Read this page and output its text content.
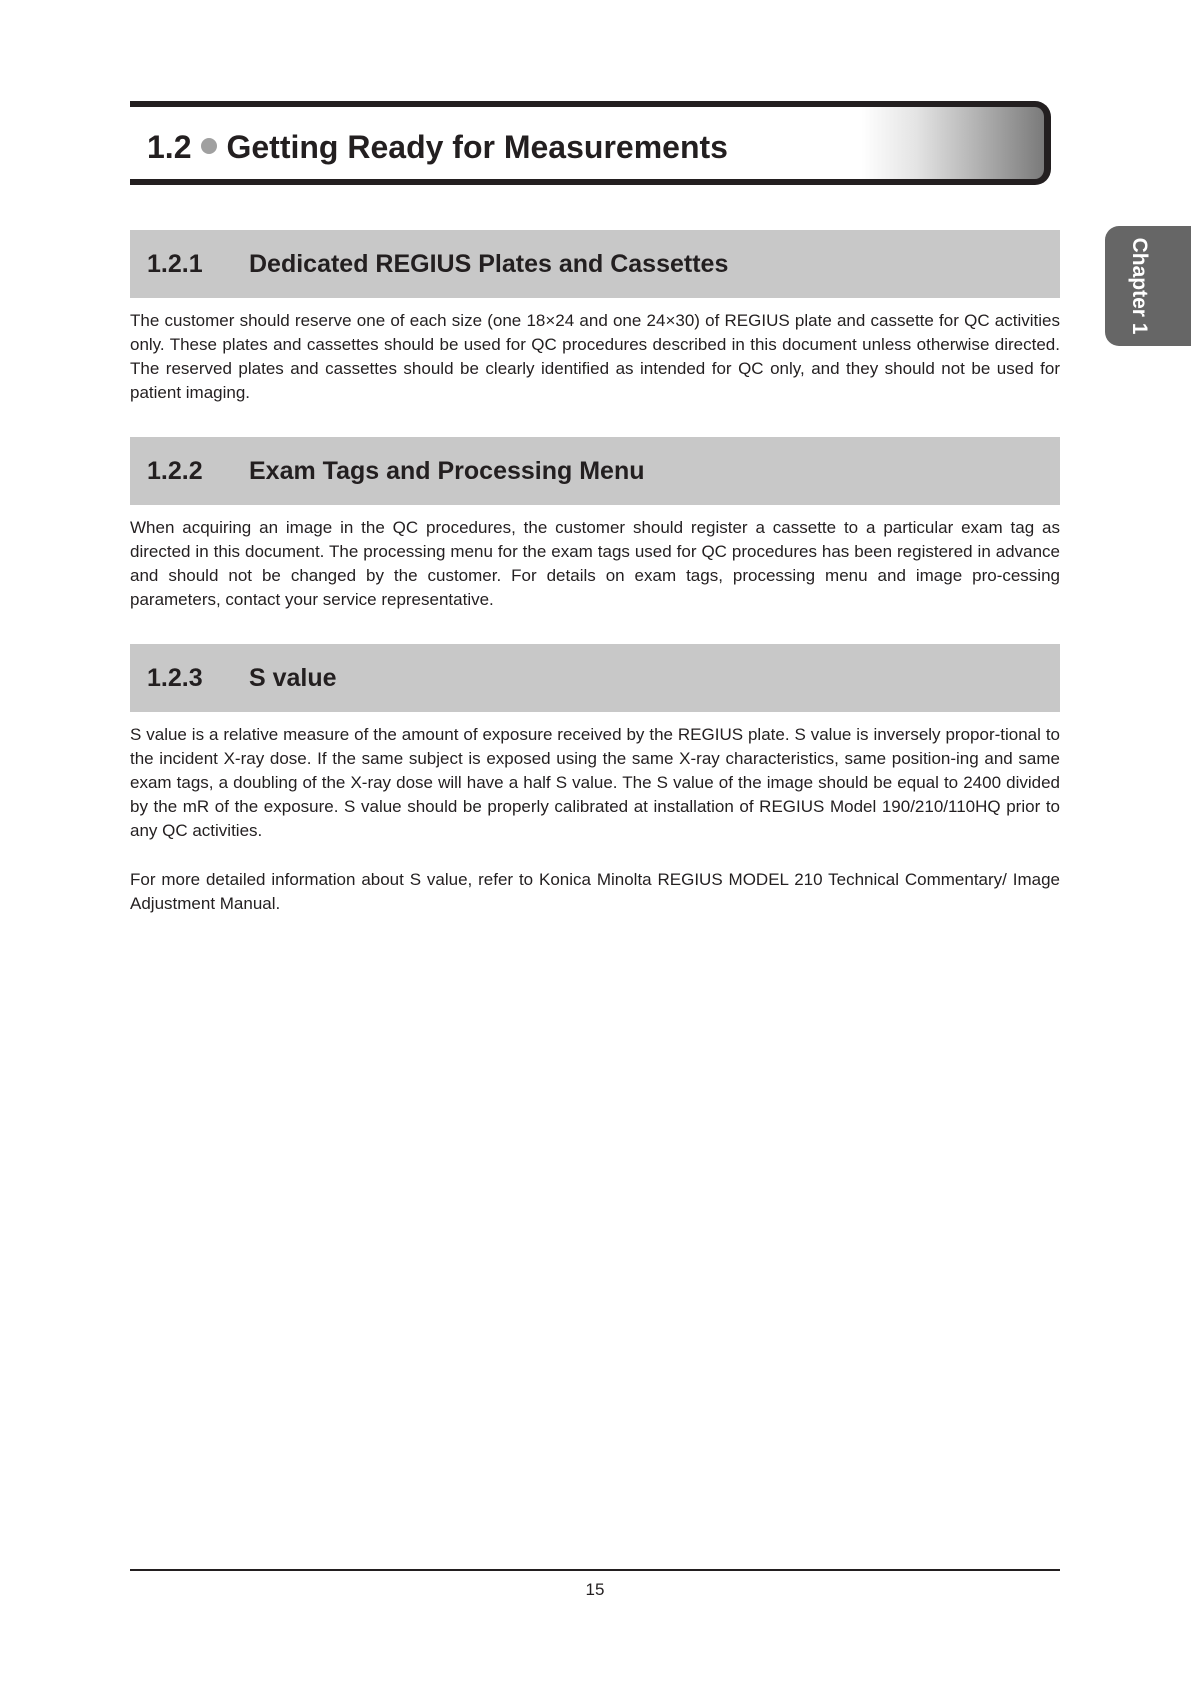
1.2 Getting Ready for Measurements
Chapter 1
1.2.1 Dedicated REGIUS Plates and Cassettes

The customer should reserve one of each size (one 18×24 and one 24×30) of REGIUS plate and cassette for QC activities only. These plates and cassettes should be used for QC procedures described in this document unless otherwise directed. The reserved plates and cassettes should be clearly identified as intended for QC only, and they should not be used for patient imaging.

1.2.2 Exam Tags and Processing Menu

When acquiring an image in the QC procedures, the customer should register a cassette to a particular exam tag as directed in this document. The processing menu for the exam tags used for QC procedures has been registered in advance and should not be changed by the customer. For details on exam tags, processing menu and image pro-cessing parameters, contact your service representative.

1.2.3 S value

S value is a relative measure of the amount of exposure received by the REGIUS plate. S value is inversely propor-tional to the incident X-ray dose. If the same subject is exposed using the same X-ray characteristics, same position-ing and same exam tags, a doubling of the X-ray dose will have a half S value. The S value of the image should be equal to 2400 divided by the mR of the exposure. S value should be properly calibrated at installation of REGIUS Model 190/210/110HQ prior to any QC activities.

For more detailed information about S value, refer to Konica Minolta REGIUS MODEL 210 Technical Commentary/ Image Adjustment Manual.

15
